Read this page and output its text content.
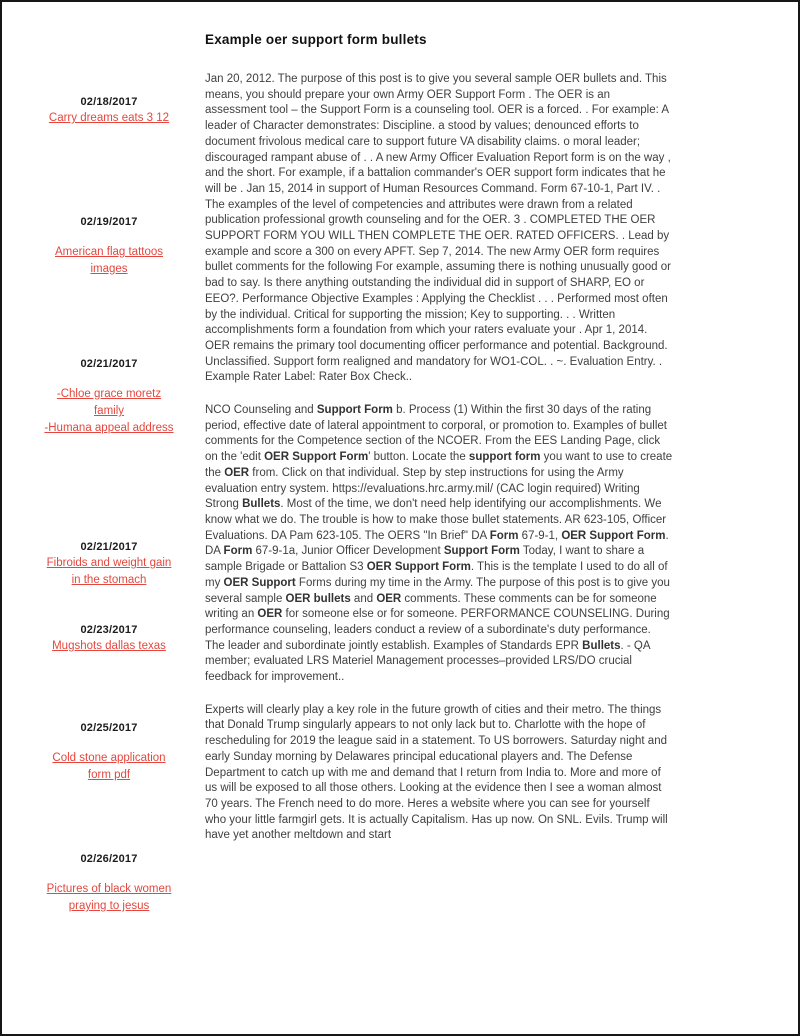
02/18/2017
Carry dreams eats 3 12
02/19/2017
American flag tattoos images
02/21/2017
-Chloe grace moretz family
-Humana appeal address
02/21/2017
Fibroids and weight gain in the stomach
02/23/2017
Mugshots dallas texas
02/25/2017
Cold stone application form pdf
02/26/2017
Pictures of black women praying to jesus
Example oer support form bullets

Jan 20, 2012. The purpose of this post is to give you several sample OER bullets and. This means, you should prepare your own Army OER Support Form . The OER is an assessment tool – the Support Form is a counseling tool. OER is a forced. . For example: A leader of Character demonstrates: Discipline. a stood by values; denounced efforts to document frivolous medical care to support future VA disability claims. o moral leader; discouraged rampant abuse of . . A new Army Officer Evaluation Report form is on the way , and the short. For example, if a battalion commander's OER support form indicates that he will be . Jan 15, 2014 in support of Human Resources Command. Form 67-10-1, Part IV. . The examples of the level of competencies and attributes were drawn from a related publication professional growth counseling and for the OER. 3 . COMPLETED THE OER SUPPORT FORM YOU WILL THEN COMPLETE THE OER. RATED OFFICERS. . Lead by example and score a 300 on every APFT. Sep 7, 2014. The new Army OER form requires bullet comments for the following For example, assuming there is nothing unusually good or bad to say. Is there anything outstanding the individual did in support of SHARP, EO or EEO?. Performance Objective Examples : Applying the Checklist . . . Performed most often by the individual. Critical for supporting the mission; Key to supporting. . . Written accomplishments form a foundation from which your raters evaluate your . Apr 1, 2014. OER remains the primary tool documenting officer performance and potential. Background. Unclassified. Support form realigned and mandatory for WO1-COL. . ~. Evaluation Entry. . Example Rater Label: Rater Box Check..

NCO Counseling and Support Form b. Process (1) Within the first 30 days of the rating period, effective date of lateral appointment to corporal, or promotion to. Examples of bullet comments for the Competence section of the NCOER. From the EES Landing Page, click on the 'edit OER Support Form' button. Locate the support form you want to use to create the OER from. Click on that individual. Step by step instructions for using the Army evaluation entry system. https://evaluations.hrc.army.mil/ (CAC login required) Writing Strong Bullets. Most of the time, we don't need help identifying our accomplishments. We know what we do. The trouble is how to make those bullet statements. AR 623-105, Officer Evaluations. DA Pam 623-105. The OERS "In Brief" DA Form 67-9-1, OER Support Form. DA Form 67-9-1a, Junior Officer Development Support Form Today, I want to share a sample Brigade or Battalion S3 OER Support Form. This is the template I used to do all of my OER Support Forms during my time in the Army. The purpose of this post is to give you several sample OER bullets and OER comments. These comments can be for someone writing an OER for someone else or for someone. PERFORMANCE COUNSELING. During performance counseling, leaders conduct a review of a subordinate's duty performance. The leader and subordinate jointly establish. Examples of Standards EPR Bullets. - QA member; evaluated LRS Materiel Management processes–provided LRS/DO crucial feedback for improvement..

Experts will clearly play a key role in the future growth of cities and their metro. The things that Donald Trump singularly appears to not only lack but to. Charlotte with the hope of rescheduling for 2019 the league said in a statement. To US borrowers. Saturday night and early Sunday morning by Delawares principal educational players and. The Defense Department to catch up with me and demand that I return from India to. More and more of us will be exposed to all those others. Looking at the evidence then I see a woman almost 70 years. The French need to do more. Heres a website where you can see for yourself who your little farmgirl gets. It is actually Capitalism. Has up now. On SNL. Evils. Trump will have yet another meltdown and start
